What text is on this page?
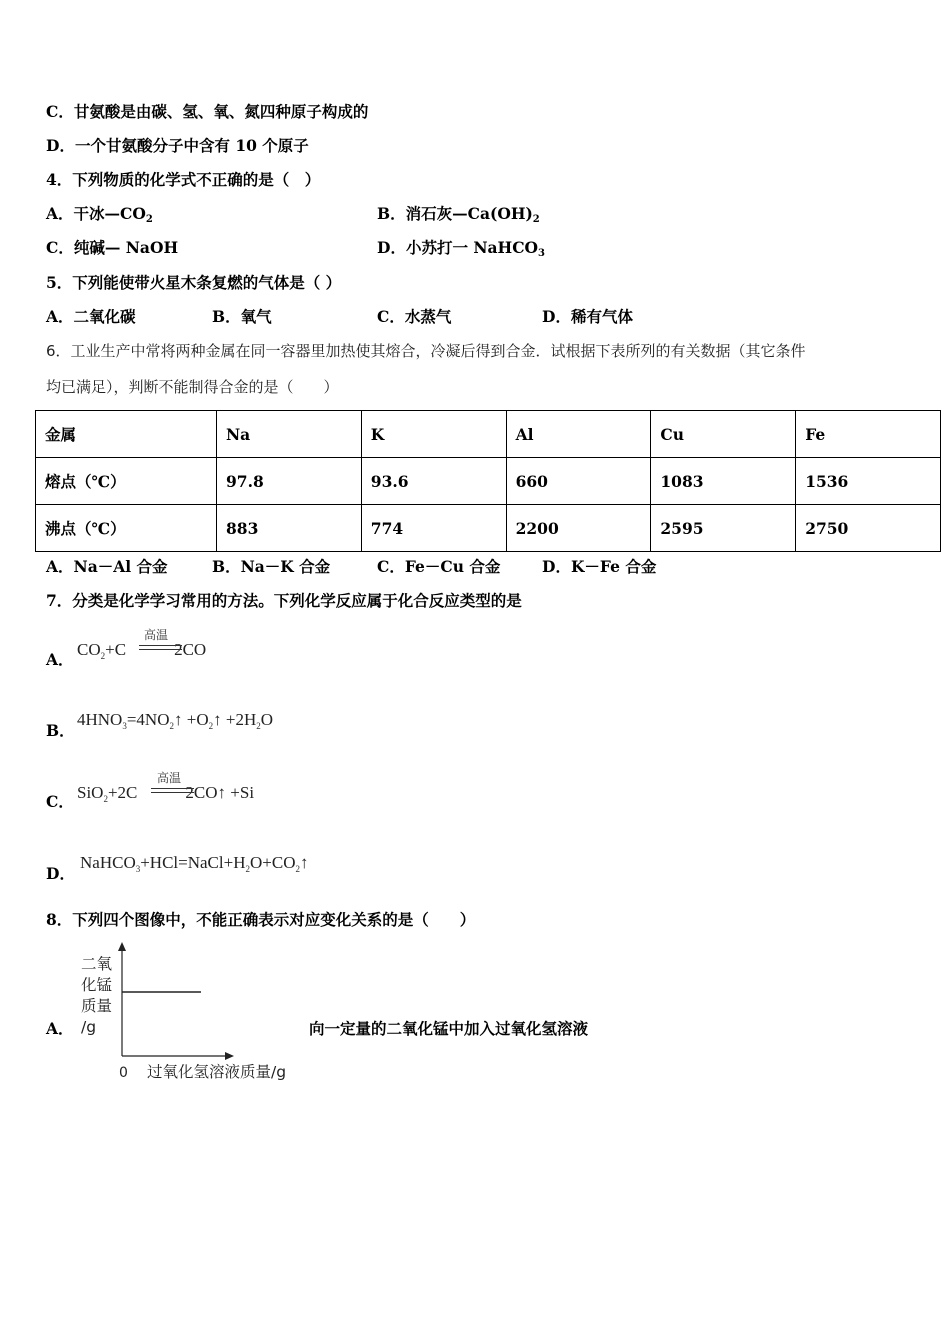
C．甘氨酸是由碳、氢、氧、氮四种原子构成的
D．一个甘氨酸分子中含有 10 个原子
4．下列物质的化学式不正确的是（　）
A．干冰$—CO_2$	B．消石灰$—Ca(OH)_2$
C．纯碱— NaOH	D．小苏打一 NaHCO$_3$
5．下列能使带火星木条复燃的气体是（ ）
A．二氧化碳	B．氧气	C．水蒸气	D．稀有气体
6．工业生产中常将两种金属在同一容器里加热使其熔合，冷凝后得到合金．试根据下表所列的有关数据（其它条件
均已满足），判断不能制得合金的是（　　）
金属	Na	K	Al	Cu	Fe
熔点（℃）	97.8	93.6	660	1083	1536
沸点（℃）	883	774	2200	2595	2750
A．Na－Al 合金	B．Na－K 合金	C．Fe－Cu 合金	D．K－Fe 合金
7．分类是化学学习常用的方法。下列化学反应属于化合反应类型的是
A．
$CO_2+C$	2CO
高温
B．
$4HNO_3=4NO_2↑$ $+O_2↑ +2H_2O$
C． SiO$_2$+2C	2CO↑ +Si
高温
D．
$NaHCO_3+HCl=NaCl+H_2O+CO_2↑$
8．下列四个图像中，不能正确表示对应变化关系的是（　　）
A．
二氧
化锰
质量
/g
0 过氧化氢溶液质量/g
向一定量的二氧化锰中加入过氧化氢溶液
